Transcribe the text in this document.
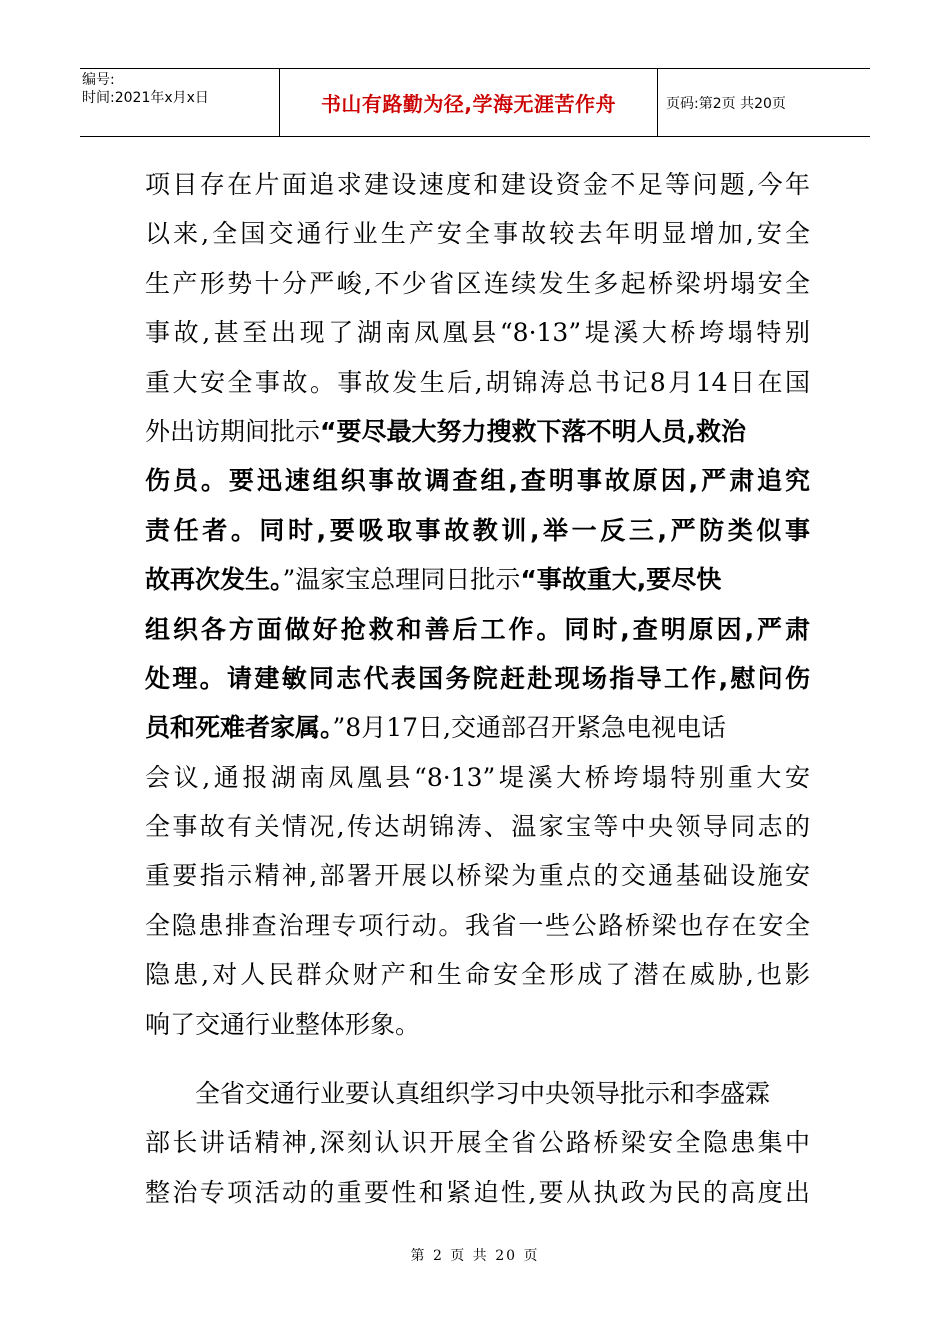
编号:
时间:2021年x月x日	书山有路勤为径,学海无涯苦作舟	页码:第2页 共20页
项目存在片面追求建设速度和建设资金不足等问题,今年
以来,全国交通行业生产安全事故较去年明显增加,安全
生产形势十分严峻,不少省区连续发生多起桥梁坍塌安全
事故,甚至出现了湖南凤凰县“8·13”堤溪大桥垮塌特别
重大安全事故。事故发生后,胡锦涛总书记8月14日在国
外出访期间批示“要尽最大努力搜救下落不明人员,救治
伤员。要迅速组织事故调查组,查明事故原因,严肃追究
责任者。同时,要吸取事故教训,举一反三,严防类似事
故再次发生。”温家宝总理同日批示“事故重大,要尽快
组织各方面做好抢救和善后工作。同时,查明原因,严肃
处理。请建敏同志代表国务院赶赴现场指导工作,慰问伤
员和死难者家属。”8月17日,交通部召开紧急电视电话
会议,通报湖南凤凰县“8·13”堤溪大桥垮塌特别重大安
全事故有关情况,传达胡锦涛、温家宝等中央领导同志的
重要指示精神,部署开展以桥梁为重点的交通基础设施安
全隐患排查治理专项行动。我省一些公路桥梁也存在安全
隐患,对人民群众财产和生命安全形成了潜在威胁,也影
响了交通行业整体形象。
全省交通行业要认真组织学习中央领导批示和李盛霖
部长讲话精神,深刻认识开展全省公路桥梁安全隐患集中
整治专项活动的重要性和紧迫性,要从执政为民的高度出
第 2 页 共 20 页
